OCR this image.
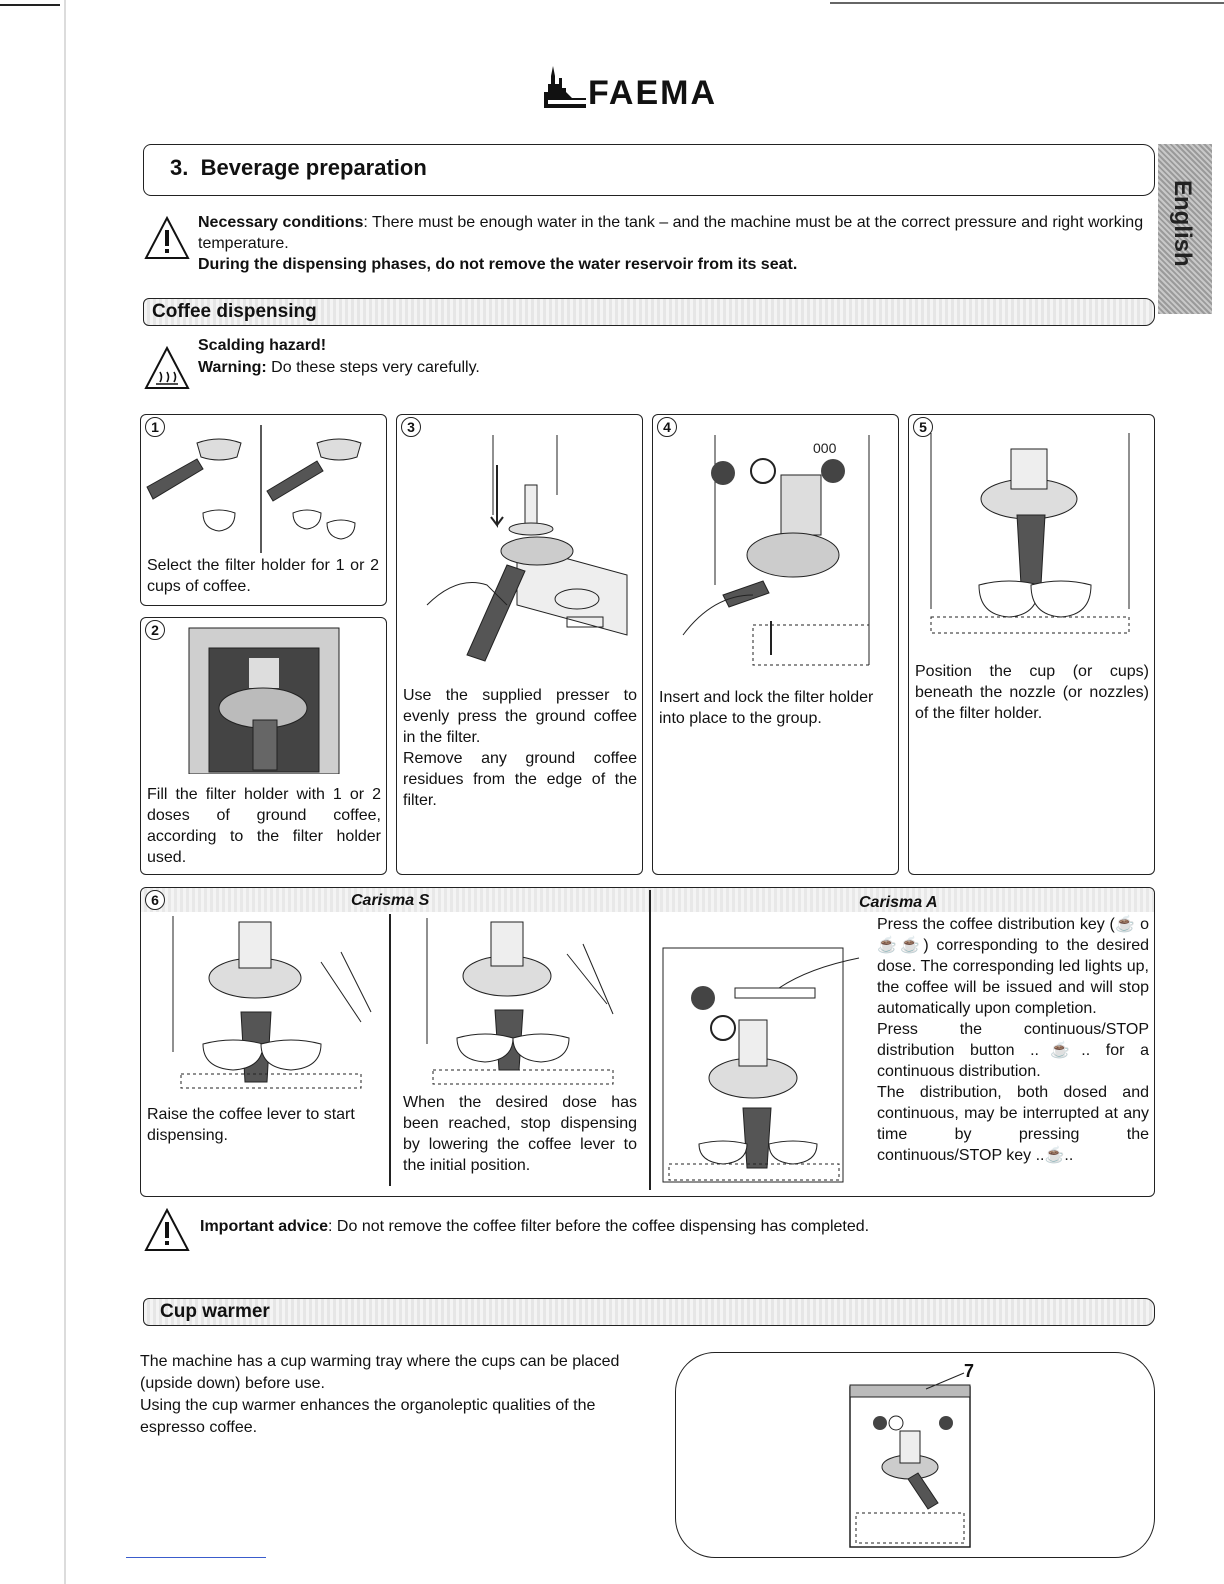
FAEMA
3. Beverage preparation
English
Necessary conditions: There must be enough water in the tank – and the machine must be at the correct pressure and right working temperature.
During the dispensing phases, do not remove the water reservoir from its seat.
Coffee dispensing
Scalding hazard!
Warning: Do these steps very carefully.
1
Select the filter holder for 1 or 2 cups of coffee.
2
Fill the filter holder with 1 or 2 doses of ground coffee, according to the filter holder used.
3
Use the supplied presser to evenly press the ground coffee in the filter.
Remove any ground coffee residues from the edge of the filter.
4
000
Insert and lock the filter holder into place to the group.
5
Position the cup (or cups) beneath the nozzle (or nozzles) of the filter holder.
6	Carisma S	Carisma A
Raise the coffee lever to start dispensing.
When the desired dose has been reached, stop dispensing by lowering the coffee lever to the initial position.
Press the coffee distribution key (☕ o ☕☕) corresponding to the desired dose. The corresponding led lights up, the coffee will be issued and will stop automatically upon completion.
Press the continuous/STOP distribution button ..☕.. for a continuous distribution.
The distribution, both dosed and continuous, may be interrupted at any time by pressing the continuous/STOP key ..☕..
Important advice: Do not remove the coffee filter before the coffee dispensing has completed.
Cup warmer
The machine has a cup warming tray where the cups can be placed (upside down) before use.
Using the cup warmer enhances the organoleptic qualities of the espresso coffee.
7
